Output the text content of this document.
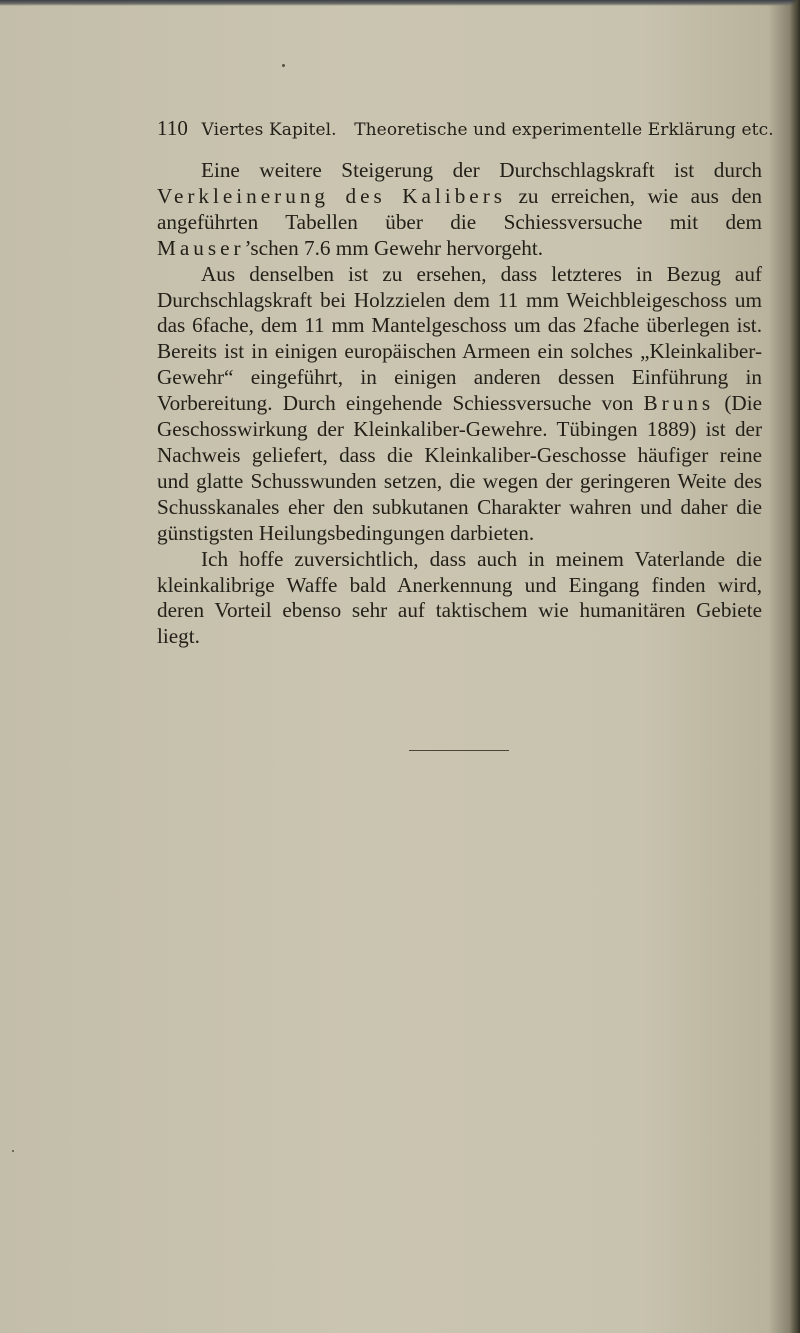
110 Viertes Kapitel. Theoretische und experimentelle Erklärung etc.

Eine weitere Steigerung der Durchschlagskraft ist durch Verkleinerung des Kalibers zu erreichen, wie aus den angeführten Tabellen über die Schiessversuche mit dem Mauser’schen 7.6 mm Gewehr hervorgeht.

Aus denselben ist zu ersehen, dass letzteres in Bezug auf Durchschlagskraft bei Holzzielen dem 11 mm Weichbleigeschoss um das 6fache, dem 11 mm Mantelgeschoss um das 2fache überlegen ist. Bereits ist in einigen europäischen Armeen ein solches „Kleinkaliber-Gewehr“ eingeführt, in einigen anderen dessen Einführung in Vorbereitung. Durch eingehende Schiessversuche von Bruns (Die Geschosswirkung der Kleinkaliber-Gewehre. Tübingen 1889) ist der Nachweis geliefert, dass die Kleinkaliber-Geschosse häufiger reine und glatte Schusswunden setzen, die wegen der geringeren Weite des Schusskanales eher den subkutanen Charakter wahren und daher die günstigsten Heilungsbedingungen darbieten.

Ich hoffe zuversichtlich, dass auch in meinem Vaterlande die kleinkalibrige Waffe bald Anerkennung und Eingang finden wird, deren Vorteil ebenso sehr auf taktischem wie humanitären Gebiete liegt.
